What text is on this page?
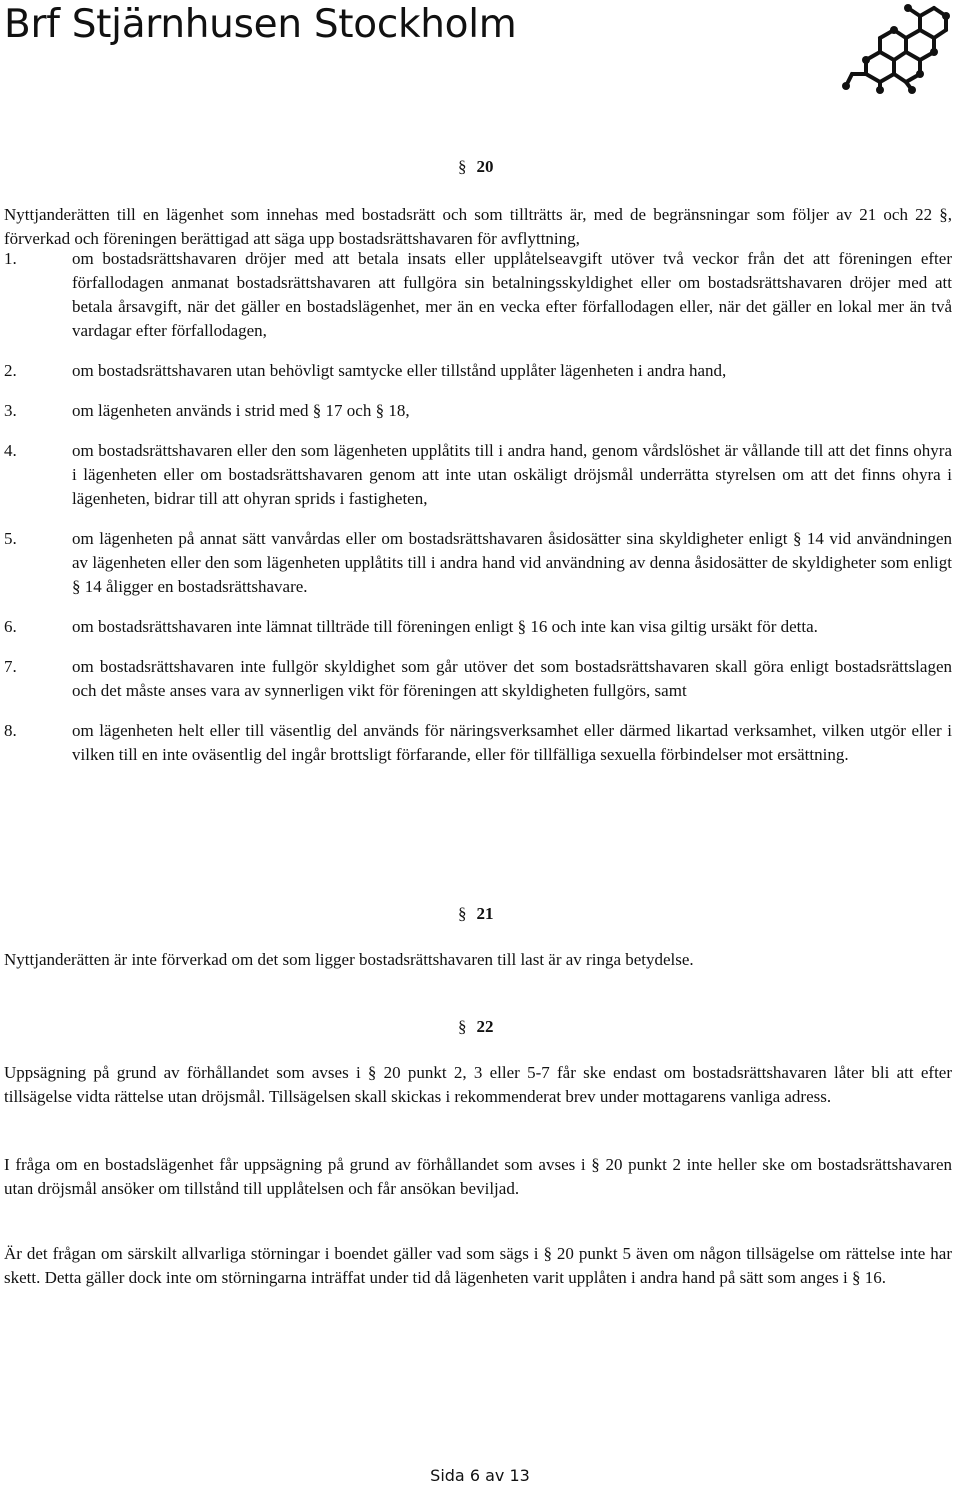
Brf Stjärnhusen Stockholm
§ 20

Nyttjanderätten till en lägenhet som innehas med bostadsrätt och som tillträtts är, med de begränsningar som följer av 21 och 22 §, förverkad och föreningen berättigad att säga upp bostadsrättshavaren för avflyttning,

1.	om bostadsrättshavaren dröjer med att betala insats eller upplåtelseavgift utöver två veckor från det att föreningen efter förfallodagen anmanat bostadsrättshavaren att fullgöra sin betalningsskyldighet eller om bostadsrättshavaren dröjer med att betala årsavgift, när det gäller en bostadslägenhet, mer än en vecka efter förfallodagen eller, när det gäller en lokal mer än två vardagar efter förfallodagen,
2.	om bostadsrättshavaren utan behövligt samtycke eller tillstånd upplåter lägenheten i andra hand,
3.	om lägenheten används i strid med § 17 och § 18,
4.	om bostadsrättshavaren eller den som lägenheten upplåtits till i andra hand, genom vårdslöshet är vållande till att det finns ohyra i lägenheten eller om bostadsrättshavaren genom att inte utan oskäligt dröjsmål underrätta styrelsen om att det finns ohyra i lägenheten, bidrar till att ohyran sprids i fastigheten,
5.	om lägenheten på annat sätt vanvårdas eller om bostadsrättshavaren åsidosätter sina skyldigheter enligt § 14 vid användningen av lägenheten eller den som lägenheten upplåtits till i andra hand vid användning av denna åsidosätter de skyldigheter som enligt § 14 åligger en bostadsrättshavare.
6.	om bostadsrättshavaren inte lämnat tillträde till föreningen enligt § 16 och inte kan visa giltig ursäkt för detta.
7.	om bostadsrättshavaren inte fullgör skyldighet som går utöver det som bostadsrättshavaren skall göra enligt bostadsrättslagen och det måste anses vara av synnerligen vikt för föreningen att skyldigheten fullgörs, samt
8.	om lägenheten helt eller till väsentlig del används för näringsverksamhet eller därmed likartad verksamhet, vilken utgör eller i vilken till en inte oväsentlig del ingår brottsligt förfarande, eller för tillfälliga sexuella förbindelser mot ersättning.
§ 21

Nyttjanderätten är inte förverkad om det som ligger bostadsrättshavaren till last är av ringa betydelse.

§ 22

Uppsägning på grund av förhållandet som avses i § 20 punkt 2, 3 eller 5-7 får ske endast om bostadsrättshavaren låter bli att efter tillsägelse vidta rättelse utan dröjsmål. Tillsägelsen skall skickas i rekommenderat brev under mottagarens vanliga adress.

I fråga om en bostadslägenhet får uppsägning på grund av förhållandet som avses i § 20 punkt 2 inte heller ske om bostadsrättshavaren utan dröjsmål ansöker om tillstånd till upplåtelsen och får ansökan beviljad.

Är det frågan om särskilt allvarliga störningar i boendet gäller vad som sägs i § 20 punkt 5 även om någon tillsägelse om rättelse inte har skett. Detta gäller dock inte om störningarna inträffat under tid då lägenheten varit upplåten i andra hand på sätt som anges i § 16.

Sida 6 av 13
